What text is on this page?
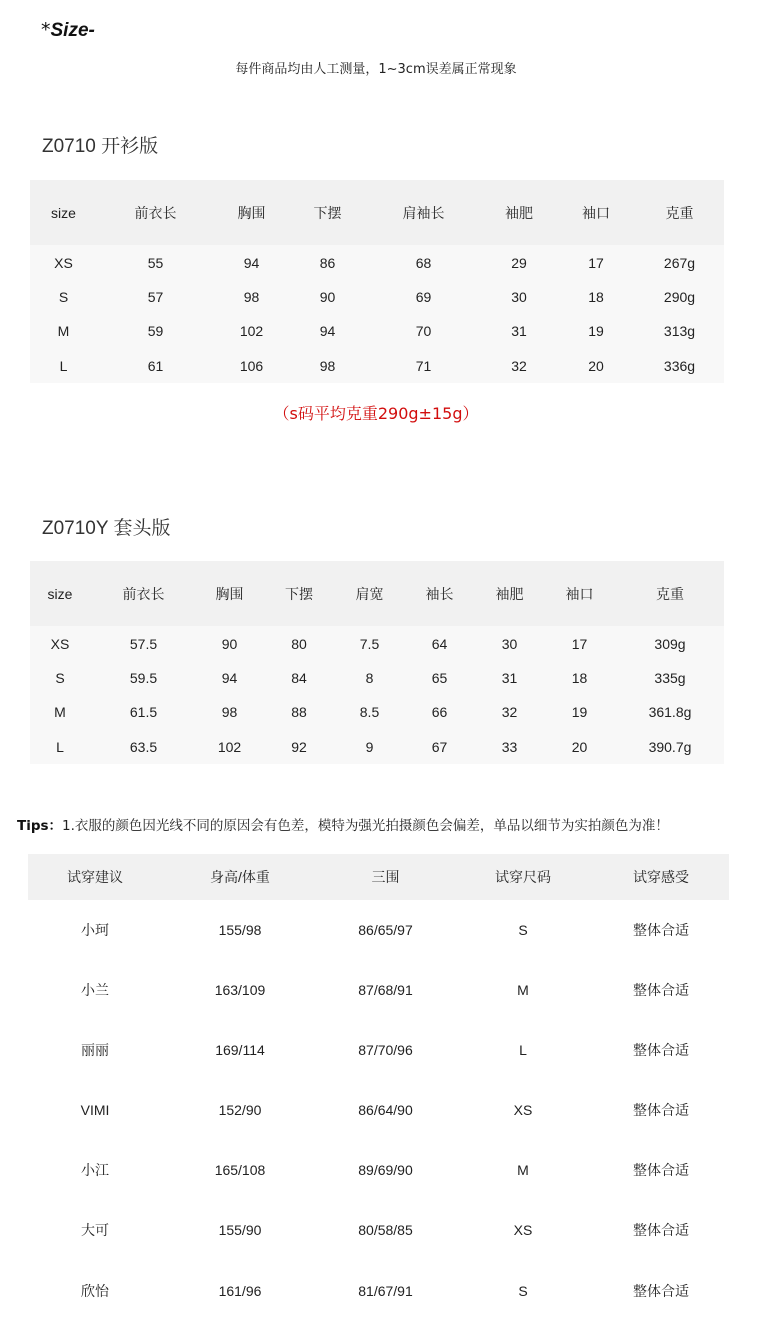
*Size-
每件商品均由人工测量，1~3cm误差属正常现象
Z0710 开衫版
size	前衣长	胸围	下摆	肩袖长	袖肥	袖口	克重
XS	55	94	86	68	29	17	267g
S	57	98	90	69	30	18	290g
M	59	102	94	70	31	19	313g
L	61	106	98	71	32	20	336g
（s码平均克重290g±15g）
Z0710Y 套头版
size	前衣长	胸围	下摆	肩宽	袖长	袖肥	袖口	克重
XS	57.5	90	80	7.5	64	30	17	309g
S	59.5	94	84	8	65	31	18	335g
M	61.5	98	88	8.5	66	32	19	361.8g
L	63.5	102	92	9	67	33	20	390.7g
Tips：1.衣服的颜色因光线不同的原因会有色差，模特为强光拍摄颜色会偏差，单品以细节为实拍颜色为准！
试穿建议	身高/体重	三围	试穿尺码	试穿感受
小珂	155/98	86/65/97	S	整体合适
小兰	163/109	87/68/91	M	整体合适
丽丽	169/114	87/70/96	L	整体合适
VIMI	152/90	86/64/90	XS	整体合适
小江	165/108	89/69/90	M	整体合适
大可	155/90	80/58/85	XS	整体合适
欣怡	161/96	81/67/91	S	整体合适
